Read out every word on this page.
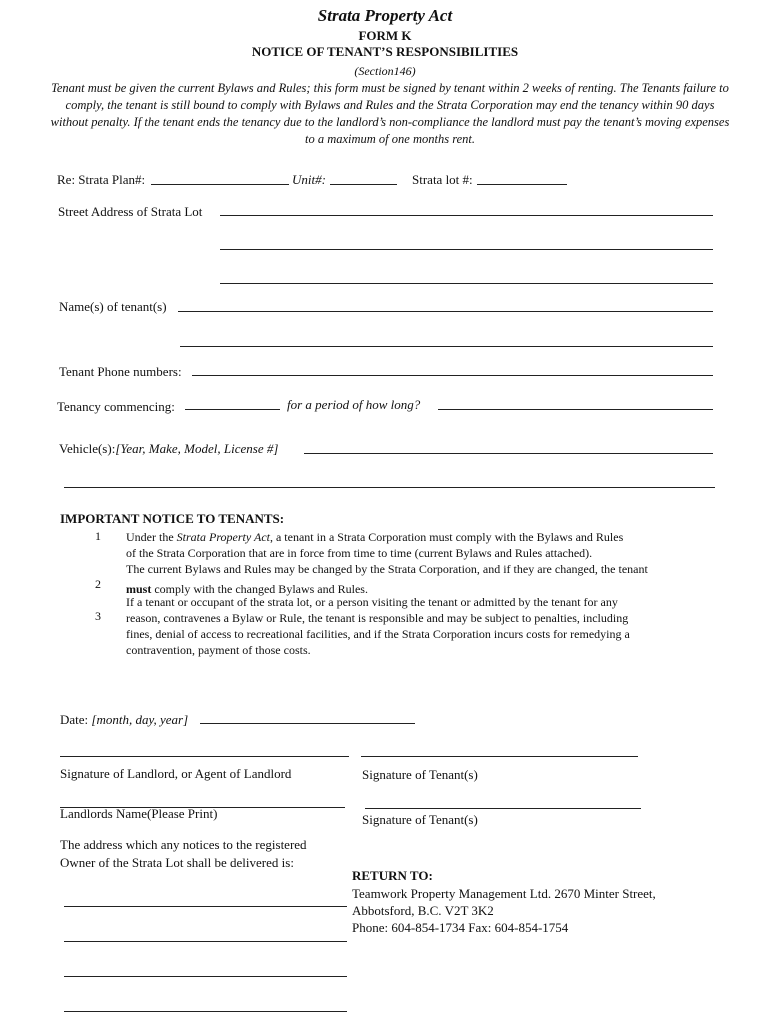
Strata Property Act
FORM K
NOTICE OF TENANT’S RESPONSIBILITIES
(Section146)
Tenant must be given the current Bylaws and Rules; this form must be signed by tenant within 2 weeks of renting. The Tenants failure to comply, the tenant is still bound to comply with Bylaws and Rules and the Strata Corporation may end the tenancy within 90 days without penalty. If the tenant ends the tenancy due to the landlord’s non-compliance the landlord must pay the tenant’s moving expenses to a maximum of one months rent.
Re: Strata Plan#:	Unit#:	Strata lot #:
Street Address of Strata Lot
Name(s) of tenant(s)
Tenant Phone numbers:
Tenancy commencing:	for a period of how long?
Vehicle(s):[Year, Make, Model, License #]
IMPORTANT NOTICE TO TENANTS:
1 Under the Strata Property Act, a tenant in a Strata Corporation must comply with the Bylaws and Rules
of the Strata Corporation that are in force from time to time (current Bylaws and Rules attached).
The current Bylaws and Rules may be changed by the Strata Corporation, and if they are changed, the tenant
must comply with the changed Bylaws and Rules.
2
If a tenant or occupant of the strata lot, or a person visiting the tenant or admitted by the tenant for any
reason, contravenes a Bylaw or Rule, the tenant is responsible and may be subject to penalties, including
fines, denial of access to recreational facilities, and if the Strata Corporation incurs costs for remedying a
contravention, payment of those costs.
3
Date: [month, day, year]
Signature of Landlord, or Agent of Landlord	Signature of Tenant(s)
Landlords Name(Please Print)	Signature of Tenant(s)
The address which any notices to the registered
Owner of the Strata Lot shall be delivered is:
RETURN TO:
Teamwork Property Management Ltd. 2670 Minter Street,
Abbotsford, B.C. V2T 3K2
Phone: 604-854-1734 Fax: 604-854-1754
